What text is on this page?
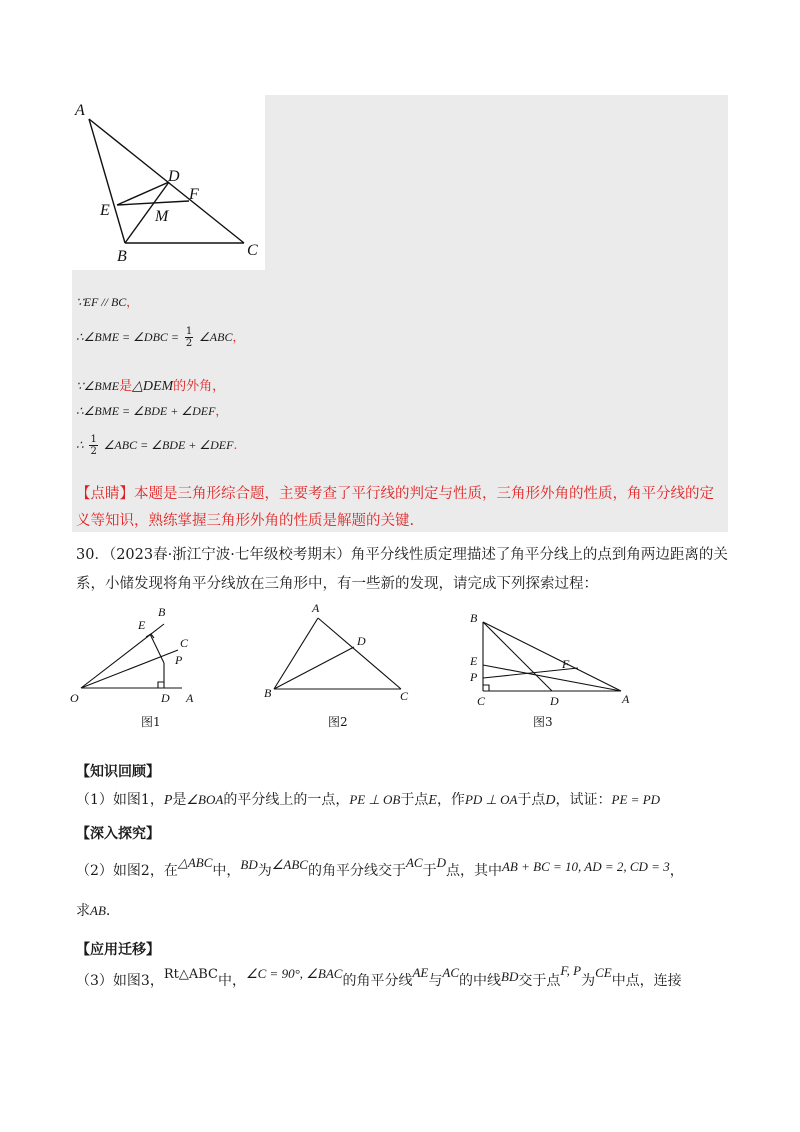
A
B	C
D
E
F
M
∵EF // BC，
∴∠BME = ∠DBC = $\frac{1}{2}$ ∠ABC，
∵∠BME是△DEM的外角，
∴∠BME = ∠BDE + ∠DEF，
∴ $\frac{1}{2}$ ∠ABC = ∠BDE + ∠DEF.
【点睛】本题是三角形综合题，主要考查了平行线的判定与性质，三角形外角的性质，角平分线的定义等知识，熟练掌握三角形外角的性质是解题的关键.
30．（2023春·浙江宁波·七年级校考期末）角平分线性质定理描述了角平分线上的点到角两边距离的关系，小储发现将角平分线放在三角形中，有一些新的发现，请完成下列探索过程：
O	D A
P
E
B
C
图1
A
B	C
D
图2
B
E
P
C	D
F
A
图3
【知识回顾】
（1）如图1，P是∠BOA的平分线上的一点，PE ⊥ OB于点E，作PD ⊥ OA于点D，试证：PE = PD
【深入探究】
（2）如图2，在△ABC中，BD为∠ABC的角平分线交于AC于D点，其中AB + BC = 10, AD = 2, CD = 3，
求AB.
【应用迁移】
（3）如图3，Rt△ABC中，∠C = 90°, ∠BAC的角平分线AE与AC的中线BD交于点F, P为CE中点，连接
